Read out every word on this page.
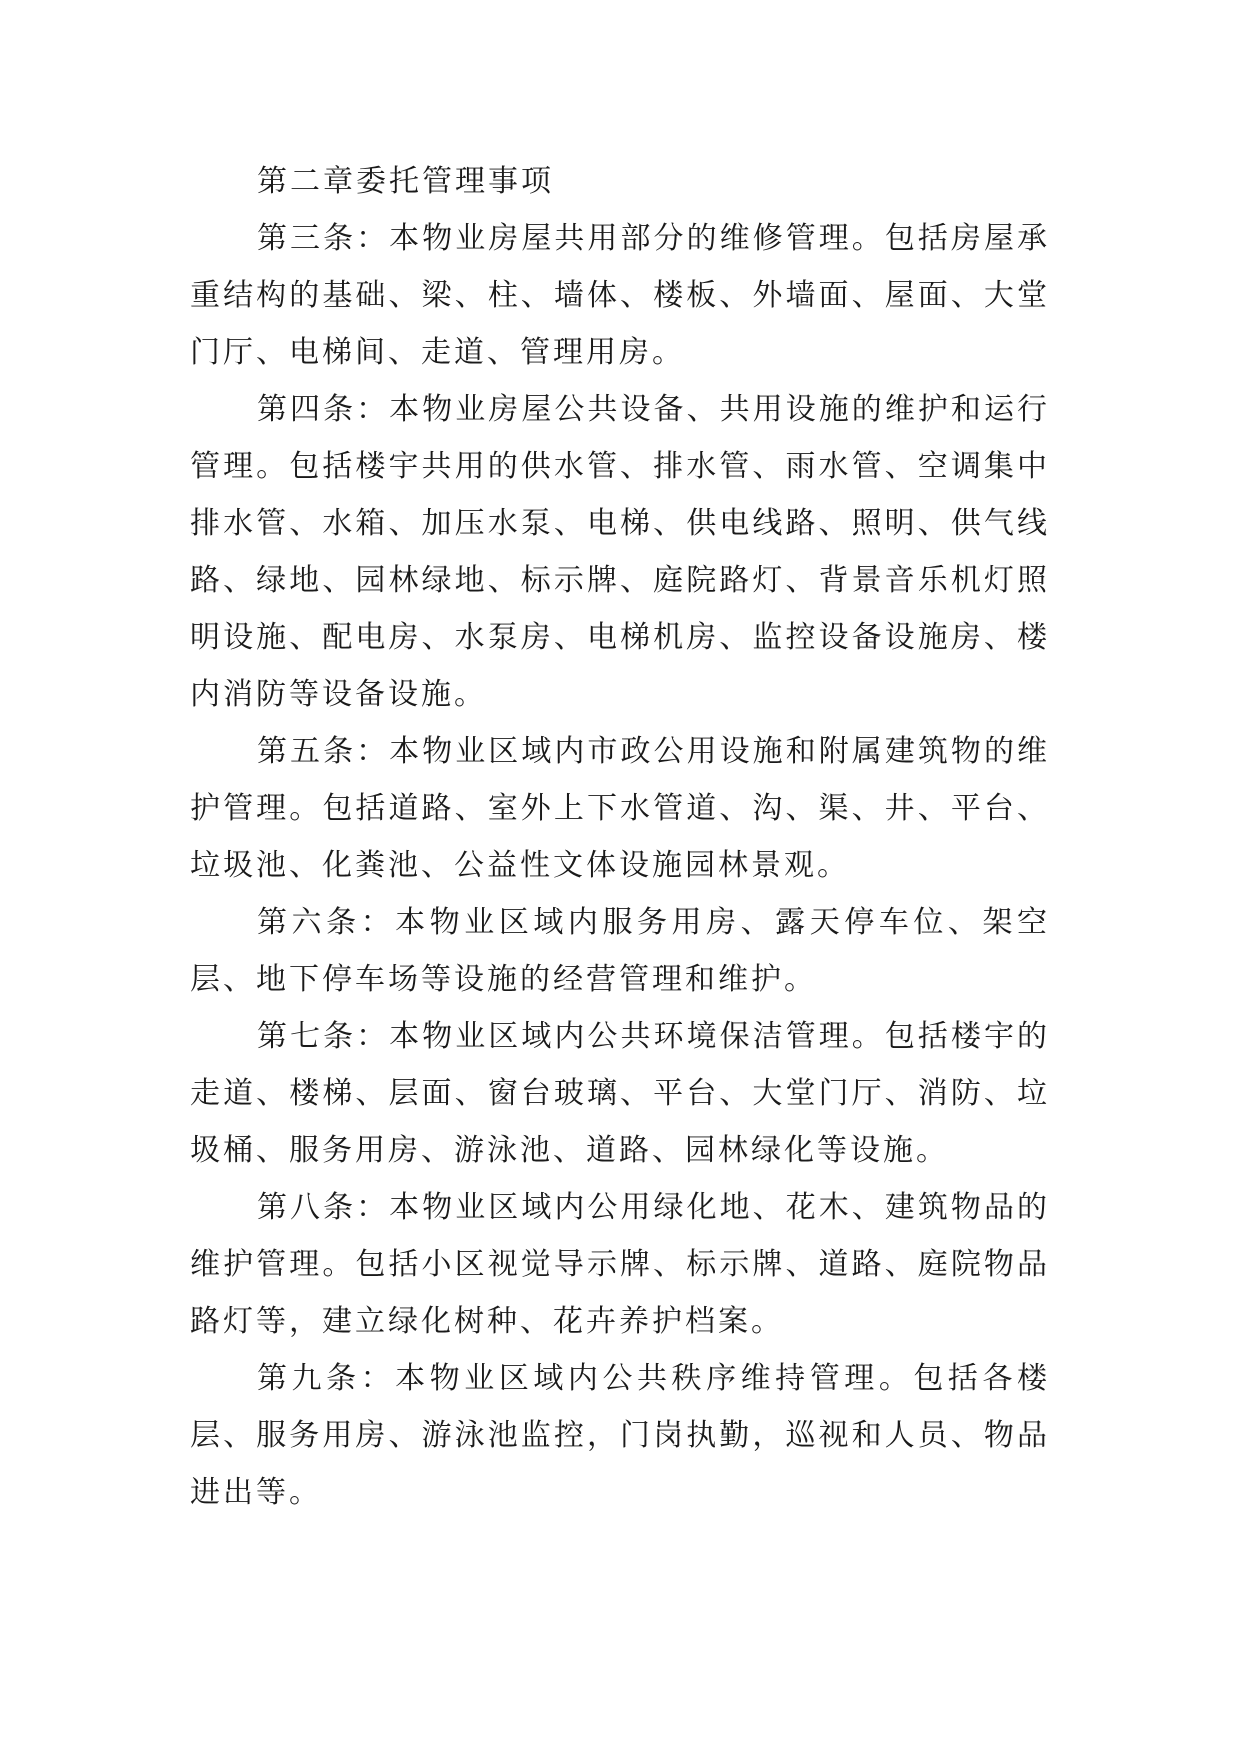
第二章委托管理事项

第三条：本物业房屋共用部分的维修管理。包括房屋承重结构的基础、梁、柱、墙体、楼板、外墙面、屋面、大堂门厅、电梯间、走道、管理用房。

第四条：本物业房屋公共设备、共用设施的维护和运行管理。包括楼宇共用的供水管、排水管、雨水管、空调集中排水管、水箱、加压水泵、电梯、供电线路、照明、供气线路、绿地、园林绿地、标示牌、庭院路灯、背景音乐机灯照明设施、配电房、水泵房、电梯机房、监控设备设施房、楼内消防等设备设施。

第五条：本物业区域内市政公用设施和附属建筑物的维护管理。包括道路、室外上下水管道、沟、渠、井、平台、垃圾池、化粪池、公益性文体设施园林景观。

第六条：本物业区域内服务用房、露天停车位、架空层、地下停车场等设施的经营管理和维护。

第七条：本物业区域内公共环境保洁管理。包括楼宇的走道、楼梯、层面、窗台玻璃、平台、大堂门厅、消防、垃圾桶、服务用房、游泳池、道路、园林绿化等设施。

第八条：本物业区域内公用绿化地、花木、建筑物品的维护管理。包括小区视觉导示牌、标示牌、道路、庭院物品路灯等，建立绿化树种、花卉养护档案。

第九条：本物业区域内公共秩序维持管理。包括各楼层、服务用房、游泳池监控，门岗执勤，巡视和人员、物品进出等。
